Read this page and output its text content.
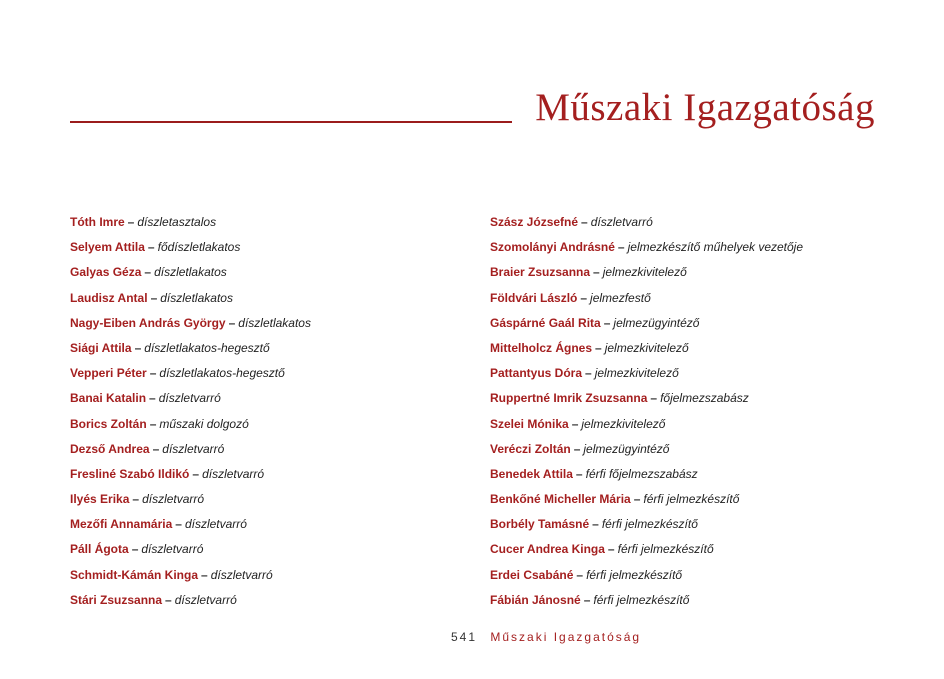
Műszaki Igazgatóság
Tóth Imre – díszletasztalos
Selyem Attila – fődíszletlakatos
Galyas Géza – díszletlakatos
Laudisz Antal – díszletlakatos
Nagy-Eiben András György – díszletlakatos
Siági Attila – díszletlakatos-hegesztő
Vepperi Péter – díszletlakatos-hegesztő
Banai Katalin – díszletvarró
Borics Zoltán – műszaki dolgozó
Dezső Andrea – díszletvarró
Fresliné Szabó Ildikó – díszletvarró
Ilyés Erika – díszletvarró
Mezőfi Annamária – díszletvarró
Páll Ágota – díszletvarró
Schmidt-Kámán Kinga – díszletvarró
Stári Zsuzsanna – díszletvarró
Szász Józsefné – díszletvarró
Szomolányi Andrásné – jelmezkészítő műhelyek vezetője
Braier Zsuzsanna – jelmezkivitelező
Földvári László – jelmezfestő
Gáspárné Gaál Rita – jelmezügyintéző
Mittelholcz Ágnes – jelmezkivitelező
Pattantyus Dóra – jelmezkivitelező
Ruppertné Imrik Zsuzsanna – főjelmezszabász
Szelei Mónika – jelmezkivitelező
Veréczi Zoltán – jelmezügyintéző
Benedek Attila – férfi főjelmezszabász
Benkőné Micheller Mária – férfi jelmezkészítő
Borbély Tamásné – férfi jelmezkészítő
Cucer Andrea Kinga – férfi jelmezkészítő
Erdei Csabáné – férfi jelmezkészítő
Fábián Jánosné – férfi jelmezkészítő
541 Műszaki Igazgatóság
